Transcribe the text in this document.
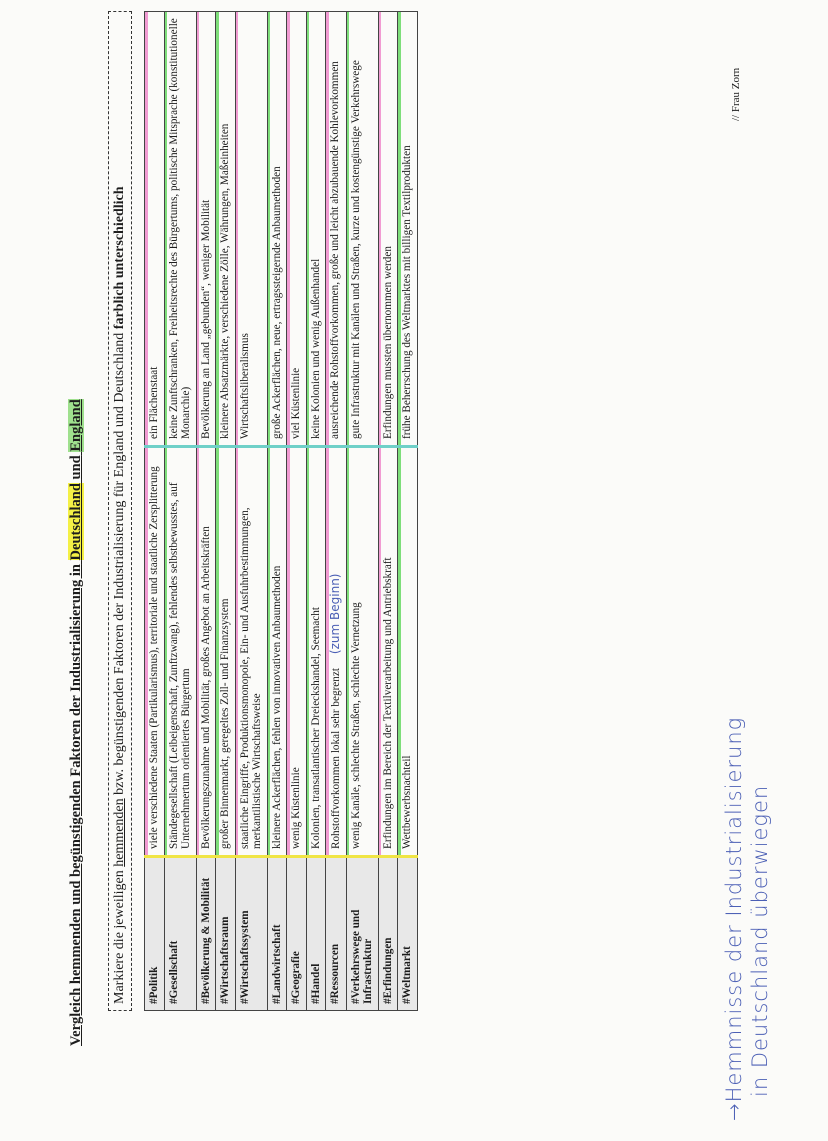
Vergleich hemmenden und begünstigenden Faktoren der Industrialisierung in Deutschland und England
Markiere die jeweiligen hemmenden bzw. begünstigenden Faktoren der Industrialisierung für England und Deutschland farblich unterschiedlich
#Politik	viele verschiedene Staaten (Partikularismus), territoriale und staatliche Zersplitterung	ein Flächenstaat
#Gesellschaft	Ständegesellschaft (Leibeigenschaft, Zunftzwang), fehlendes selbstbewusstes, auf Unternehmertum orientiertes Bürgertum	keine Zunftschranken, Freiheitsrechte des Bürgertums, politische Mitsprache (konstitutionelle Monarchie)
#Bevölkerung & Mobilität	Bevölkerungszunahme und Mobilität, großes Angebot an Arbeitskräften	Bevölkerung an Land „gebunden“, weniger Mobilität
#Wirtschaftsraum	großer Binnenmarkt, geregeltes Zoll- und Finanzsystem	kleinere Absatzmärkte, verschiedene Zölle, Währungen, Maßeinheiten
#Wirtschaftssystem	staatliche Eingriffe, Produktionsmonopole, Ein- und Ausfuhrbestimmungen, merkantilistische Wirtschaftsweise	Wirtschaftsliberalismus
#Landwirtschaft	kleinere Ackerflächen, fehlen von innovativen Anbaumethoden	große Ackerflächen, neue, ertragssteigernde Anbaumethoden
#Geografie	wenig Küstenlinie	viel Küstenlinie
#Handel	Kolonien, transatlantischer Dreieckshandel, Seemacht	keine Kolonien und wenig Außenhandel
#Ressourcen	Rohstoffvorkommen lokal sehr begrenzt(zum Beginn)	ausreichende Rohstoffvorkommen, große und leicht abzubauende Kohlevorkommen
#Verkehrswege und Infrastruktur	wenig Kanäle, schlechte Straßen, schlechte Vernetzung	gute Infrastruktur mit Kanälen und Straßen, kurze und kostengünstige Verkehrswege
#Erfindungen	Erfindungen im Bereich der Textilverarbeitung und Antriebskraft	Erfindungen mussten übernommen werden
#Weltmarkt	Wettbewerbsnachteil	frühe Beherrschung des Weltmarktes mit billigen Textilprodukten
→Hemmnisse der Industrialisierung in Deutschland überwiegen
// Frau Zorn
